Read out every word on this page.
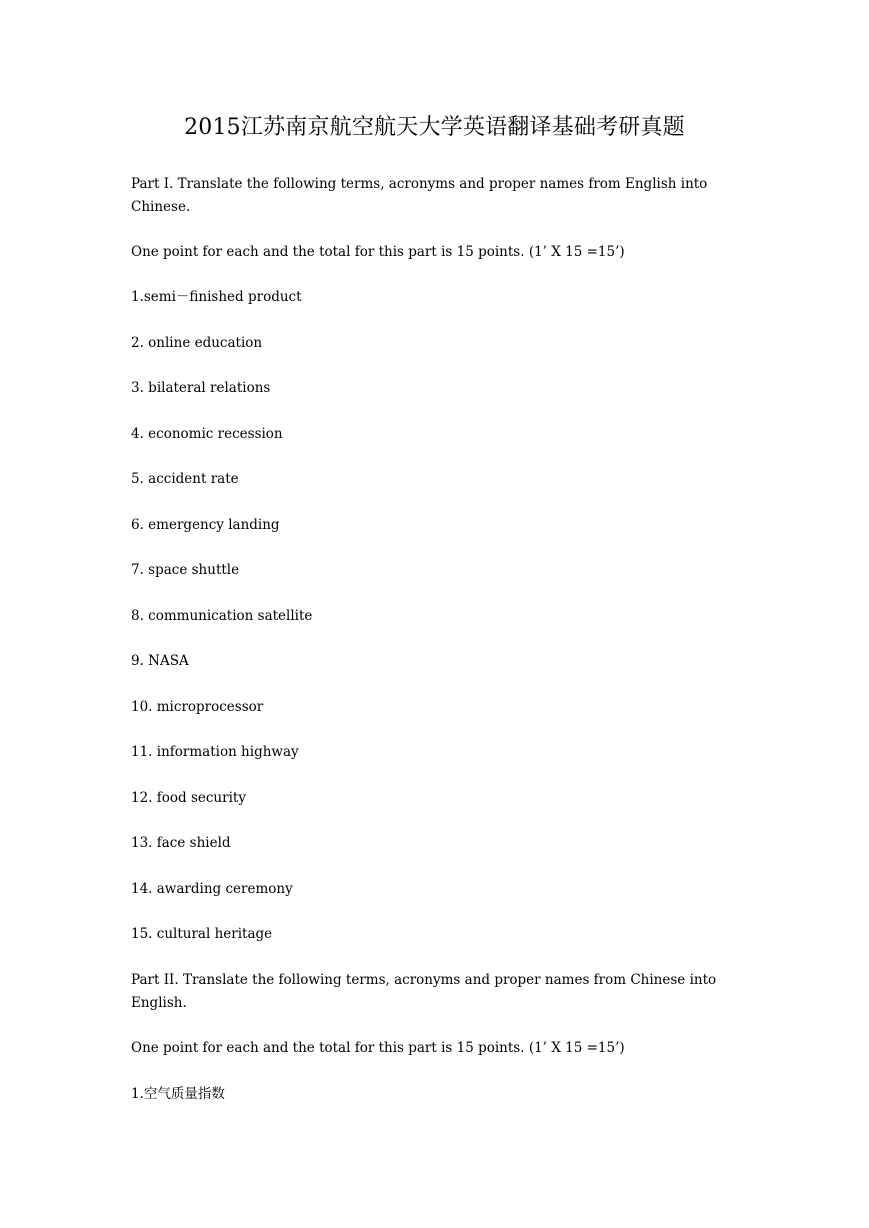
2015江苏南京航空航天大学英语翻译基础考研真题
Part I. Translate the following terms, acronyms and proper names from English into
Chinese.
One point for each and the total for this part is 15 points. (1’ X 15 =15’)
1.semi－finished product
2. online education
3. bilateral relations
4. economic recession
5. accident rate
6. emergency landing
7. space shuttle
8. communication satellite
9. NASA
10. microprocessor
11. information highway
12. food security
13. face shield
14. awarding ceremony
15. cultural heritage
Part II. Translate the following terms, acronyms and proper names from Chinese into
English.
One point for each and the total for this part is 15 points. (1’ X 15 =15’)
1.空气质量指数
